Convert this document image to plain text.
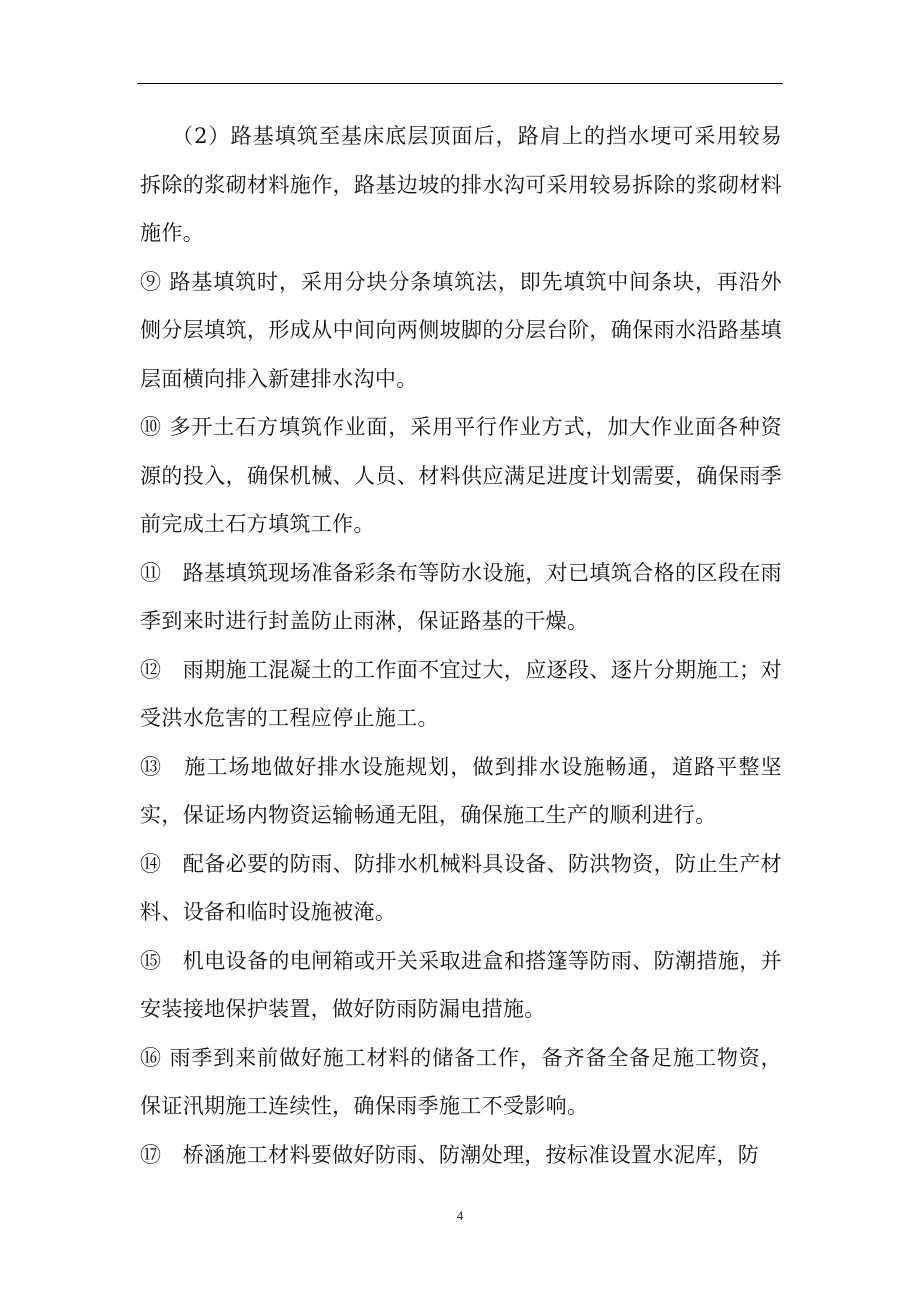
（2）路基填筑至基床底层顶面后，路肩上的挡水埂可采用较易拆除的浆砌材料施作，路基边坡的排水沟可采用较易拆除的浆砌材料施作。

⑨ 路基填筑时，采用分块分条填筑法，即先填筑中间条块，再沿外侧分层填筑，形成从中间向两侧坡脚的分层台阶，确保雨水沿路基填层面横向排入新建排水沟中。

⑩ 多开土石方填筑作业面，采用平行作业方式，加大作业面各种资源的投入，确保机械、人员、材料供应满足进度计划需要，确保雨季前完成土石方填筑工作。

⑪　路基填筑现场准备彩条布等防水设施，对已填筑合格的区段在雨季到来时进行封盖防止雨淋，保证路基的干燥。

⑫　雨期施工混凝土的工作面不宜过大，应逐段、逐片分期施工；对受洪水危害的工程应停止施工。

⑬　施工场地做好排水设施规划，做到排水设施畅通，道路平整坚实，保证场内物资运输畅通无阻，确保施工生产的顺利进行。

⑭　配备必要的防雨、防排水机械料具设备、防洪物资，防止生产材料、设备和临时设施被淹。

⑮　机电设备的电闸箱或开关采取进盒和搭篷等防雨、防潮措施，并安装接地保护装置，做好防雨防漏电措施。

⑯ 雨季到来前做好施工材料的储备工作，备齐备全备足施工物资，保证汛期施工连续性，确保雨季施工不受影响。

⑰　桥涵施工材料要做好防雨、防潮处理，按标准设置水泥库，防

4
